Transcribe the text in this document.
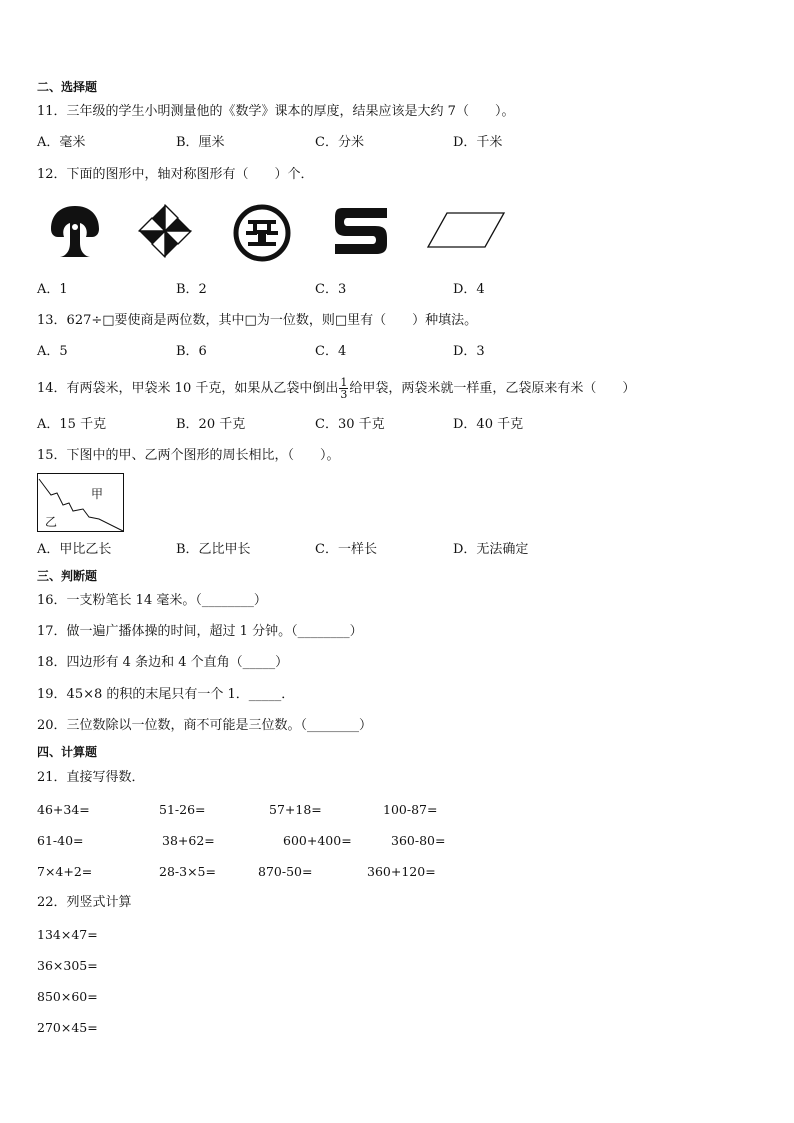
二、选择题
11．三年级的学生小明测量他的《数学》课本的厚度，结果应该是大约 7（　　）。
A．毫米	B．厘米	C．分米	D．千米
12．下面的图形中，轴对称图形有（　　）个．
A．1	B．2	C．3	D．4
13．627÷□要使商是两位数，其中□为一位数，则□里有（　　）种填法。
A．5	B．6	C．4	D．3
14．有两袋米，甲袋米 10 千克，如果从乙袋中倒出 $\frac{1}{3}$ 给甲袋，两袋米就一样重，乙袋原来有米（　　）
A．15 千克	B．20 千克	C．30 千克	D．40 千克
15．下图中的甲、乙两个图形的周长相比，（　　）。
甲
乙
A．甲比乙长	B．乙比甲长	C．一样长	D．无法确定
三、判断题
16．一支粉笔长 14 毫米。（________）
17．做一遍广播体操的时间，超过 1 分钟。（________）
18．四边形有 4 条边和 4 个直角（_____）
19．45×8 的积的末尾只有一个 1．_____．
20．三位数除以一位数，商不可能是三位数。（________）
四、计算题
21．直接写得数．
46+34=	51-26=	57+18=	100-87=
61-40=	38+62=	600+400=	360-80=
7×4+2=	28-3×5=	870-50=	360+120=
22．列竖式计算
134×47=
36×305=
850×60=
270×45=
